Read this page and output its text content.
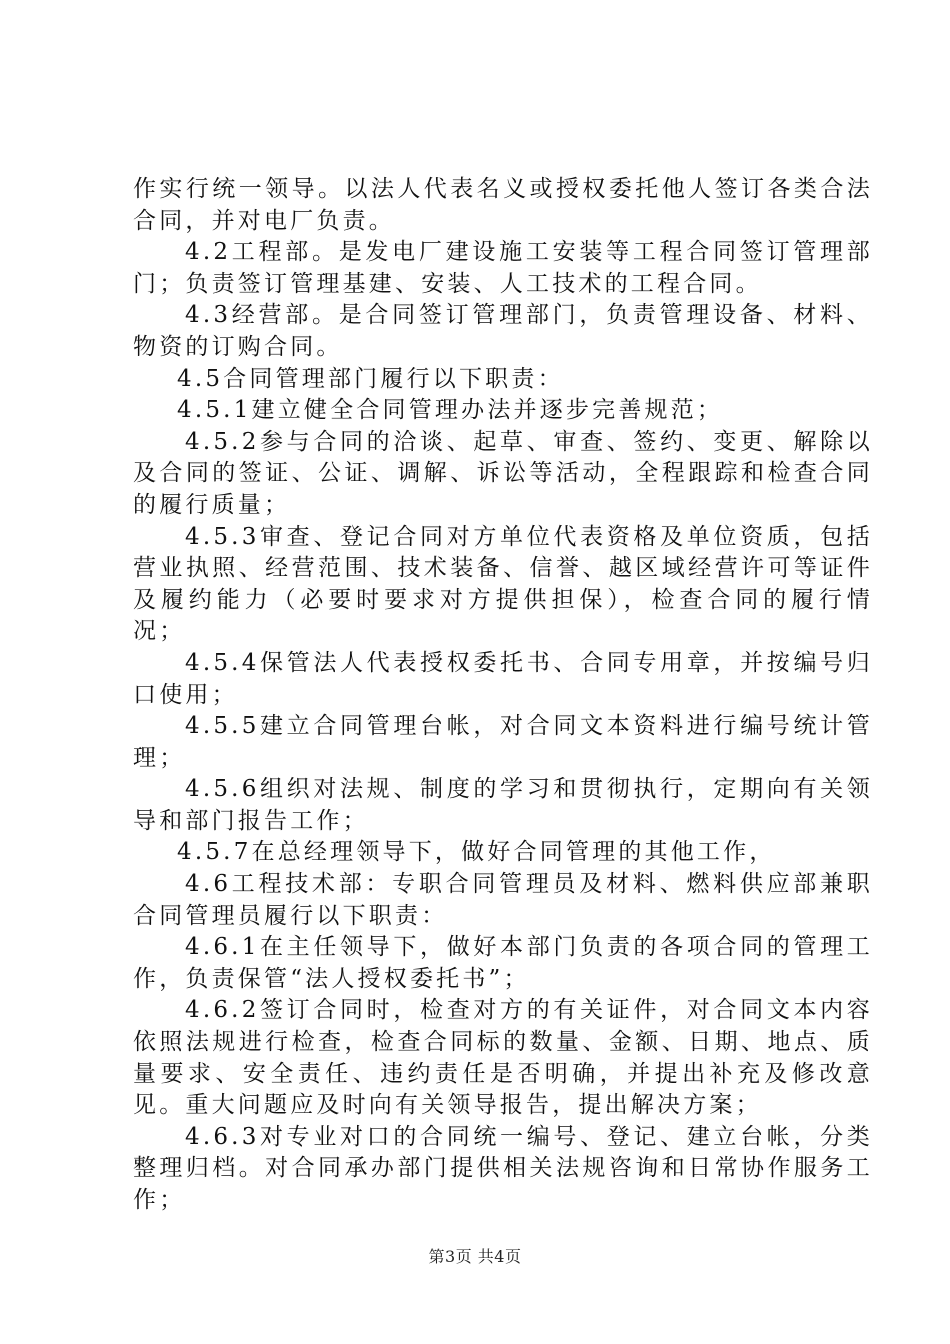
作实行统一领导。以法人代表名义或授权委托他人签订各类合法合同，并对电厂负责。

4.2工程部。是发电厂建设施工安装等工程合同签订管理部门；负责签订管理基建、安装、人工技术的工程合同。

4.3经营部。是合同签订管理部门，负责管理设备、材料、物资的订购合同。

4.5合同管理部门履行以下职责：

4.5.1建立健全合同管理办法并逐步完善规范；

4.5.2参与合同的洽谈、起草、审查、签约、变更、解除以及合同的签证、公证、调解、诉讼等活动，全程跟踪和检查合同的履行质量；

4.5.3审查、登记合同对方单位代表资格及单位资质，包括营业执照、经营范围、技术装备、信誉、越区域经营许可等证件及履约能力（必要时要求对方提供担保），检查合同的履行情况；

4.5.4保管法人代表授权委托书、合同专用章，并按编号归口使用；

4.5.5建立合同管理台帐，对合同文本资料进行编号统计管理；

4.5.6组织对法规、制度的学习和贯彻执行，定期向有关领导和部门报告工作；

4.5.7在总经理领导下，做好合同管理的其他工作，

4.6工程技术部：专职合同管理员及材料、燃料供应部兼职合同管理员履行以下职责：

4.6.1在主任领导下，做好本部门负责的各项合同的管理工作，负责保管“法人授权委托书”；

4.6.2签订合同时，检查对方的有关证件，对合同文本内容依照法规进行检查，检查合同标的数量、金额、日期、地点、质量要求、安全责任、违约责任是否明确，并提出补充及修改意见。重大问题应及时向有关领导报告，提出解决方案；

4.6.3对专业对口的合同统一编号、登记、建立台帐，分类整理归档。对合同承办部门提供相关法规咨询和日常协作服务工作；

第3页 共4页
